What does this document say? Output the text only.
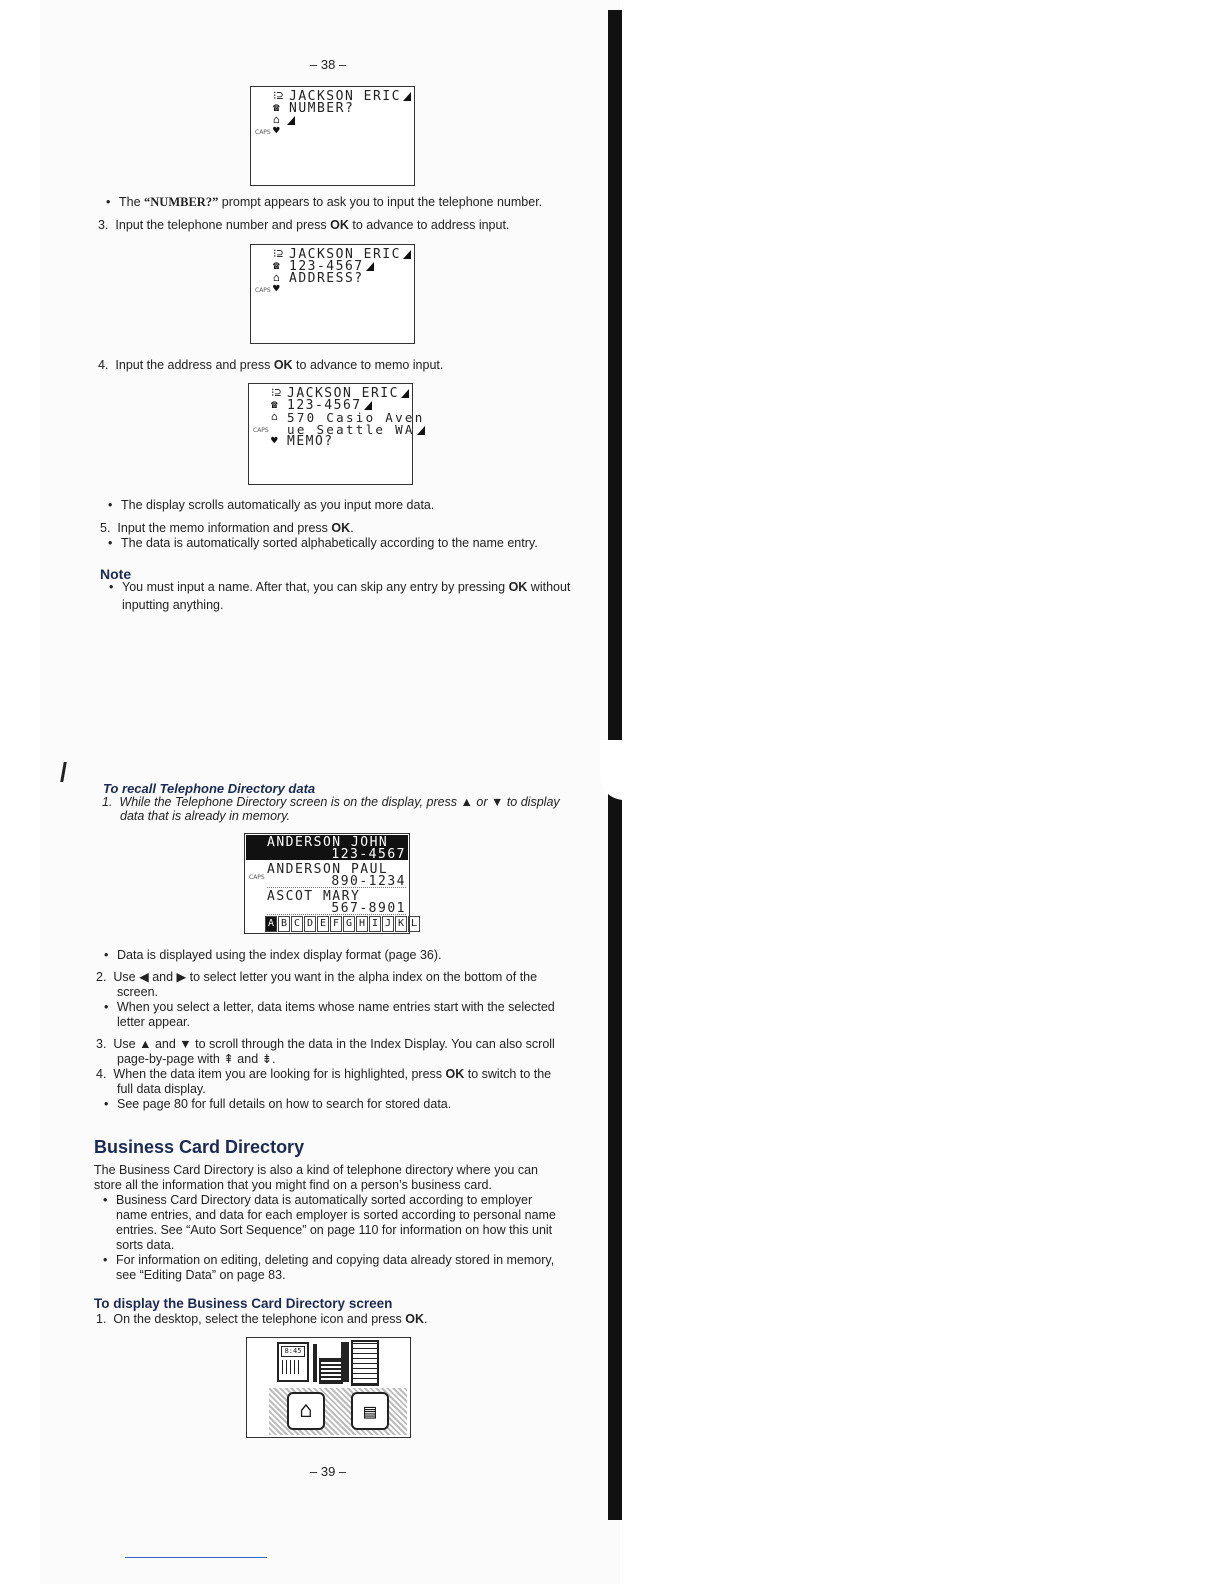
– 38 –
⁝⊇ JACKSON ERIC
☎ NUMBER?
⌂
CAPS ♥
• The “NUMBER?” prompt appears to ask you to input the telephone number.
3. Input the telephone number and press OK to advance to address input.
⁝⊇ JACKSON ERIC
☎ 123-4567
⌂ ADDRESS?
CAPS ♥
4. Input the address and press OK to advance to memo input.
⁝⊇ JACKSON ERIC
☎ 123-4567
⌂ 570 Casio Aven
CAPS ue Seattle WA
♥ MEMO?
• The display scrolls automatically as you input more data.
5. Input the memo information and press OK.
• The data is automatically sorted alphabetically according to the name entry.
Note
• You must input a name. After that, you can skip any entry by pressing OK without
inputting anything.
To recall Telephone Directory data
1. While the Telephone Directory screen is on the display, press ▲ or ▼ to display
data that is already in memory.
ANDERSON JOHN
123-4567
ANDERSON PAUL
CAPS	890-1234
ASCOT MARY
567-8901
A B C D E F G H I J K L
• Data is displayed using the index display format (page 36).
2. Use ◀ and ▶ to select letter you want in the alpha index on the bottom of the
screen.
• When you select a letter, data items whose name entries start with the selected
letter appear.
3. Use ▲ and ▼ to scroll through the data in the Index Display. You can also scroll
page-by-page with ⇞ and ⇟.
4. When the data item you are looking for is highlighted, press OK to switch to the
full data display.
• See page 80 for full details on how to search for stored data.
Business Card Directory
The Business Card Directory is also a kind of telephone directory where you can
store all the information that you might find on a person’s business card.
• Business Card Directory data is automatically sorted according to employer
name entries, and data for each employer is sorted according to personal name
entries. See “Auto Sort Sequence” on page 110 for information on how this unit
sorts data.
• For information on editing, deleting and copying data already stored in memory,
see “Editing Data” on page 83.
To display the Business Card Directory screen
1. On the desktop, select the telephone icon and press OK.
8:45
⌂	▤
– 39 –
